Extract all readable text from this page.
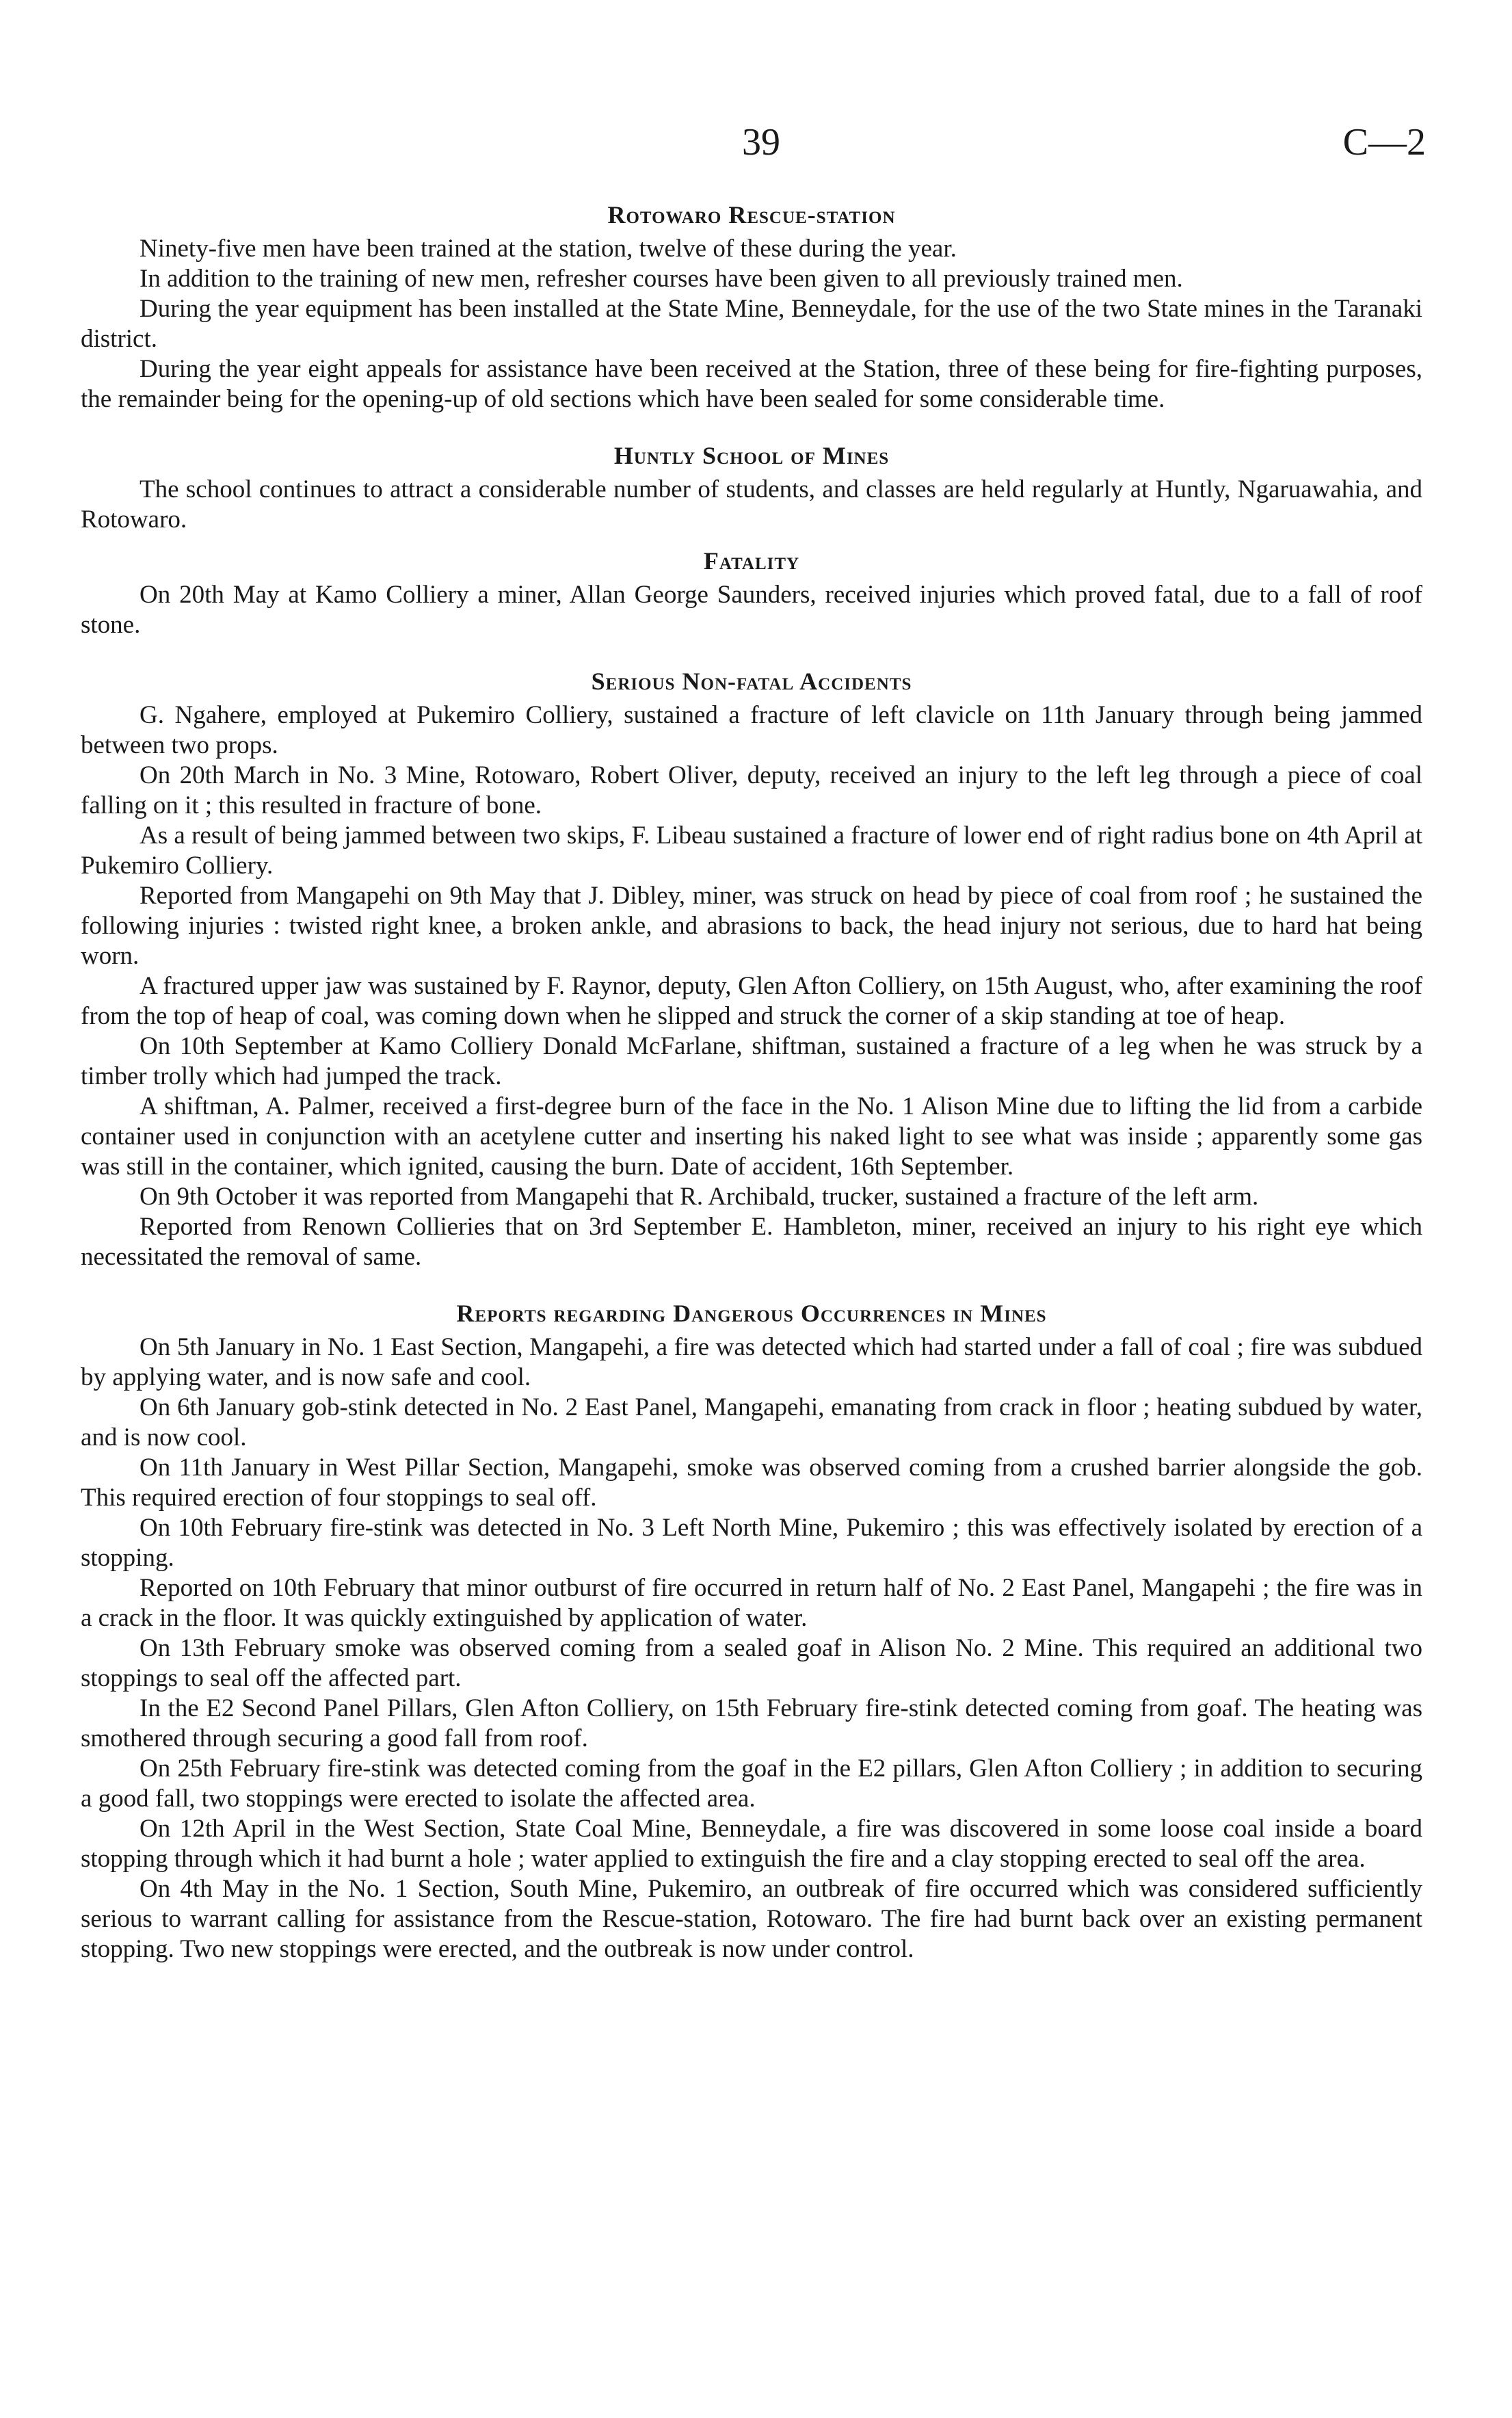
39	C—2
Rotowaro Rescue-station

Ninety-five men have been trained at the station, twelve of these during the year.

In addition to the training of new men, refresher courses have been given to all previously trained men.

During the year equipment has been installed at the State Mine, Benneydale, for the use of the two State mines in the Taranaki district.

During the year eight appeals for assistance have been received at the Station, three of these being for fire-fighting purposes, the remainder being for the opening-up of old sections which have been sealed for some considerable time.

Huntly School of Mines

The school continues to attract a considerable number of students, and classes are held regularly at Huntly, Ngaruawahia, and Rotowaro.

Fatality

On 20th May at Kamo Colliery a miner, Allan George Saunders, received injuries which proved fatal, due to a fall of roof stone.

Serious Non-fatal Accidents

G. Ngahere, employed at Pukemiro Colliery, sustained a fracture of left clavicle on 11th January through being jammed between two props.

On 20th March in No. 3 Mine, Rotowaro, Robert Oliver, deputy, received an injury to the left leg through a piece of coal falling on it ; this resulted in fracture of bone.

As a result of being jammed between two skips, F. Libeau sustained a fracture of lower end of right radius bone on 4th April at Pukemiro Colliery.

Reported from Mangapehi on 9th May that J. Dibley, miner, was struck on head by piece of coal from roof ; he sustained the following injuries : twisted right knee, a broken ankle, and abrasions to back, the head injury not serious, due to hard hat being worn.

A fractured upper jaw was sustained by F. Raynor, deputy, Glen Afton Colliery, on 15th August, who, after examining the roof from the top of heap of coal, was coming down when he slipped and struck the corner of a skip standing at toe of heap.

On 10th September at Kamo Colliery Donald McFarlane, shiftman, sustained a fracture of a leg when he was struck by a timber trolly which had jumped the track.

A shiftman, A. Palmer, received a first-degree burn of the face in the No. 1 Alison Mine due to lifting the lid from a carbide container used in conjunction with an acetylene cutter and inserting his naked light to see what was inside ; apparently some gas was still in the container, which ignited, causing the burn. Date of accident, 16th September.

On 9th October it was reported from Mangapehi that R. Archibald, trucker, sustained a fracture of the left arm.

Reported from Renown Collieries that on 3rd September E. Hambleton, miner, received an injury to his right eye which necessitated the removal of same.

Reports regarding Dangerous Occurrences in Mines

On 5th January in No. 1 East Section, Mangapehi, a fire was detected which had started under a fall of coal ; fire was subdued by applying water, and is now safe and cool.

On 6th January gob-stink detected in No. 2 East Panel, Mangapehi, emanating from crack in floor ; heating subdued by water, and is now cool.

On 11th January in West Pillar Section, Mangapehi, smoke was observed coming from a crushed barrier alongside the gob. This required erection of four stoppings to seal off.

On 10th February fire-stink was detected in No. 3 Left North Mine, Pukemiro ; this was effectively isolated by erection of a stopping.

Reported on 10th February that minor outburst of fire occurred in return half of No. 2 East Panel, Mangapehi ; the fire was in a crack in the floor. It was quickly extinguished by application of water.

On 13th February smoke was observed coming from a sealed goaf in Alison No. 2 Mine. This required an additional two stoppings to seal off the affected part.

In the E2 Second Panel Pillars, Glen Afton Colliery, on 15th February fire-stink detected coming from goaf. The heating was smothered through securing a good fall from roof.

On 25th February fire-stink was detected coming from the goaf in the E2 pillars, Glen Afton Colliery ; in addition to securing a good fall, two stoppings were erected to isolate the affected area.

On 12th April in the West Section, State Coal Mine, Benneydale, a fire was discovered in some loose coal inside a board stopping through which it had burnt a hole ; water applied to extinguish the fire and a clay stopping erected to seal off the area.

On 4th May in the No. 1 Section, South Mine, Pukemiro, an outbreak of fire occurred which was considered sufficiently serious to warrant calling for assistance from the Rescue-station, Rotowaro. The fire had burnt back over an existing permanent stopping. Two new stoppings were erected, and the outbreak is now under control.
